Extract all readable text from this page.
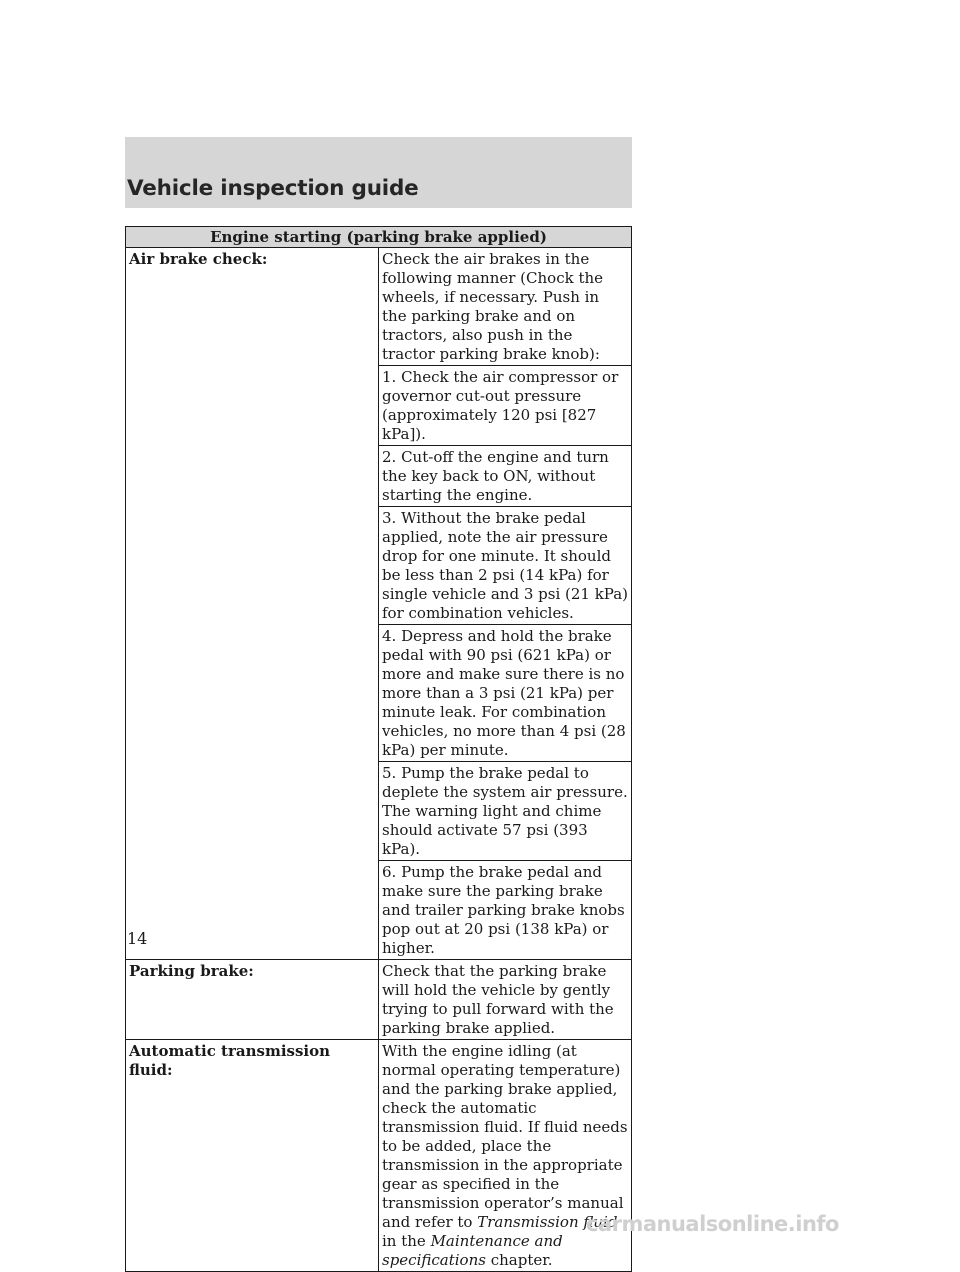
Vehicle inspection guide
Engine starting (parking brake applied)	
Air brake check:	Check the air brakes in the following manner (Chock the wheels, if necessary. Push in the parking brake and on tractors, also push in the tractor parking brake knob):
	1. Check the air compressor or governor cut-out pressure (approximately 120 psi [827 kPa]).
	2. Cut-off the engine and turn the key back to ON, without starting the engine.
	3. Without the brake pedal applied, note the air pressure drop for one minute. It should be less than 2 psi (14 kPa) for single vehicle and 3 psi (21 kPa) for combination vehicles.
	4. Depress and hold the brake pedal with 90 psi (621 kPa) or more and make sure there is no more than a 3 psi (21 kPa) per minute leak. For combination vehicles, no more than 4 psi (28 kPa) per minute.
	5. Pump the brake pedal to deplete the system air pressure. The warning light and chime should activate 57 psi (393 kPa).
	6. Pump the brake pedal and make sure the parking brake and trailer parking brake knobs pop out at 20 psi (138 kPa) or higher.
Parking brake:	Check that the parking brake will hold the vehicle by gently trying to pull forward with the parking brake applied.
Automatic transmission fluid:	With the engine idling (at normal operating temperature) and the parking brake applied, check the automatic transmission fluid. If fluid needs to be added, place the transmission in the appropriate gear as specified in the transmission operator’s manual and refer to Transmission fluid in the Maintenance and specifications chapter.
14
carmanualsonline.info
